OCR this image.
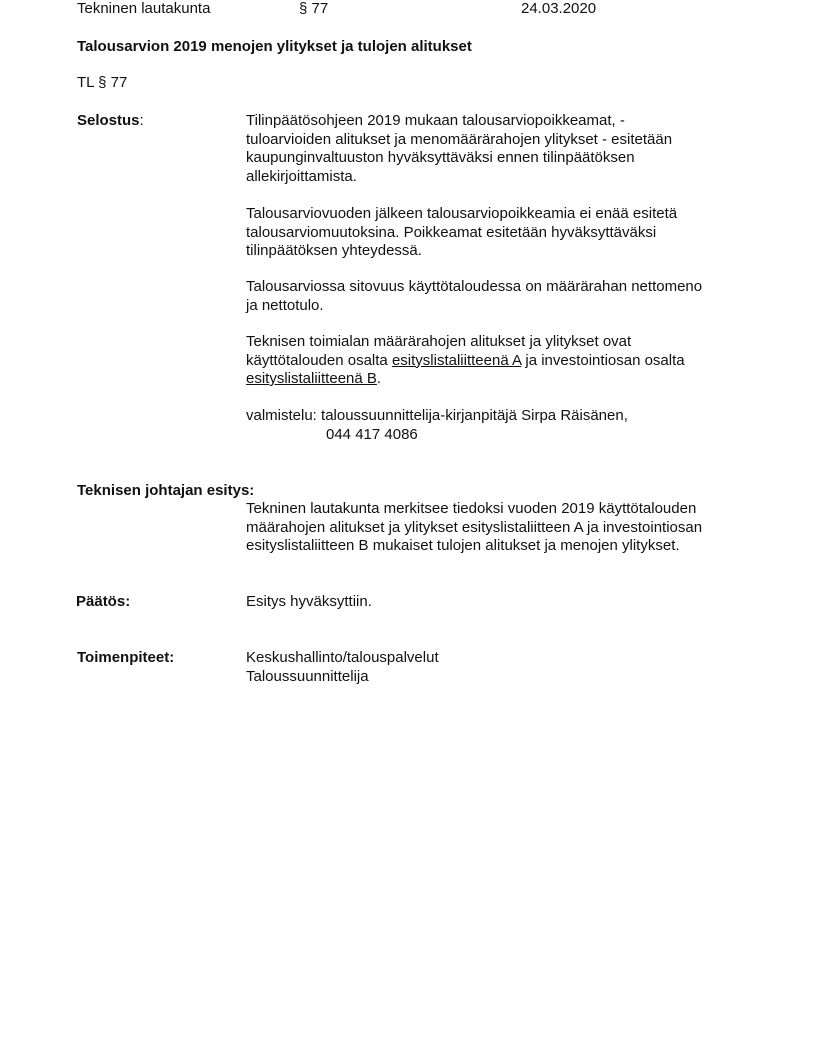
Tekninen lautakunta	§ 77	24.03.2020
Talousarvion 2019 menojen ylitykset ja tulojen alitukset
TL § 77
Selostus:	Tilinpäätösohjeen 2019 mukaan talousarviopoikkeamat, -
tuloarvioiden alitukset ja menomäärärahojen ylitykset - esitetään
kaupunginvaltuuston hyväksyttäväksi ennen tilinpäätöksen
allekirjoittamista.
Talousarviovuoden jälkeen talousarviopoikkeamia ei enää esitetä
talousarviomuutoksina. Poikkeamat esitetään hyväksyttäväksi
tilinpäätöksen yhteydessä.
Talousarviossa sitovuus käyttötaloudessa on määrärahan nettomeno
ja nettotulo.
Teknisen toimialan määrärahojen alitukset ja ylitykset ovat
käyttötalouden osalta esityslistaliitteenä A ja investointiosan osalta
esityslistaliitteenä B.
valmistelu: taloussuunnittelija-kirjanpitäjä Sirpa Räisänen,
044 417 4086
Teknisen johtajan esitys:
Tekninen lautakunta merkitsee tiedoksi vuoden 2019 käyttötalouden
määrahojen alitukset ja ylitykset esityslistaliitteen A ja investointiosan
esityslistaliitteen B mukaiset tulojen alitukset ja menojen ylitykset.
Päätös:	Esitys hyväksyttiin.
Toimenpiteet:	Keskushallinto/talouspalvelut
Taloussuunnittelija
